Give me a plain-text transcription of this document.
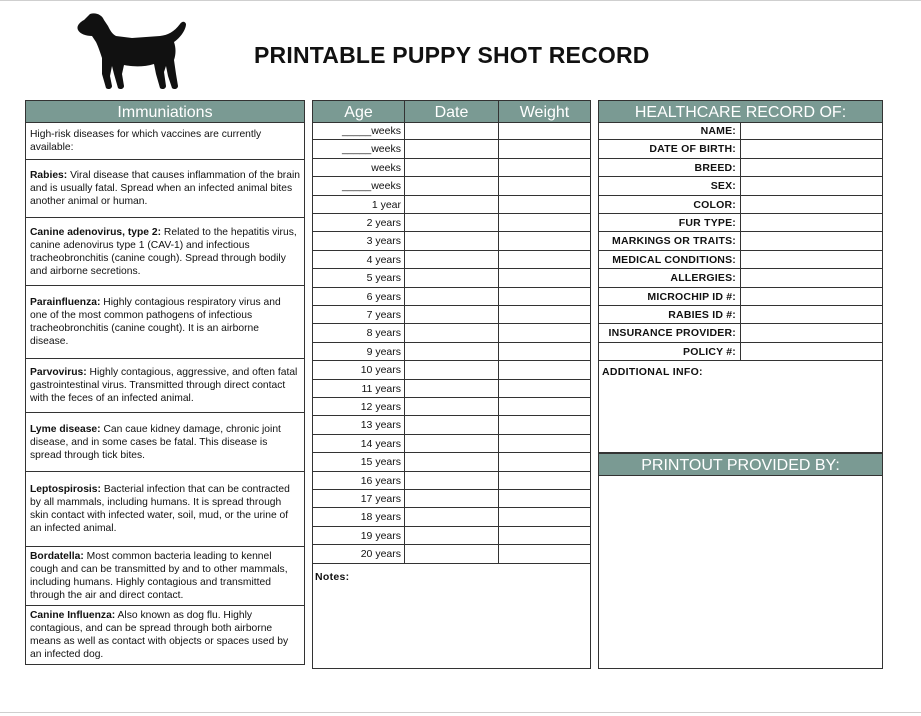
PRINTABLE PUPPY SHOT RECORD
Immuniations
High-risk diseases for which vaccines are currently available:
Rabies: Viral disease that causes inflammation of the brain and is usually fatal. Spread when an infected animal bites another animal or human.
Canine adenovirus, type 2: Related to the hepatitis virus, canine adenovirus type 1 (CAV-1) and infectious tracheobronchitis (canine cough). Spread through bodily and airborne secretions.
Parainfluenza: Highly contagious respiratory virus and one of the most common pathogens of infectious tracheobronchitis (canine cought). It is an airborne disease.
Parvovirus: Highly contagious, aggressive, and often fatal gastrointestinal virus. Transmitted through direct contact with the feces of an infected animal.
Lyme disease: Can caue kidney damage, chronic joint disease, and in some cases be fatal. This disease is spread through tick bites.
Leptospirosis: Bacterial infection that can be contracted by all mammals, including humans. It is spread through skin contact with infected water, soil, mud, or the urine of an infected animal.
Bordatella: Most common bacteria leading to kennel cough and can be transmitted by and to other mammals, including humans. Highly contagious and transmitted through the air and direct contact.
Canine Influenza: Also known as dog flu. Highly contagious, and can be spread through both airborne means as well as contact with objects or spaces used by an infected dog.
Age	Date	Weight
_____weeks
_____weeks
weeks
_____weeks
1 year
2 years
3 years
4 years
5 years
6 years
7 years
8 years
9 years
10 years
11 years
12 years
13 years
14 years
15 years
16 years
17 years
18 years
19 years
20 years
Notes:
HEALTHCARE RECORD OF:
NAME:
DATE OF BIRTH:
BREED:
SEX:
COLOR:
FUR TYPE:
MARKINGS OR TRAITS:
MEDICAL CONDITIONS:
ALLERGIES:
MICROCHIP ID #:
RABIES ID #:
INSURANCE PROVIDER:
POLICY #:
ADDITIONAL INFO:
PRINTOUT PROVIDED BY:
